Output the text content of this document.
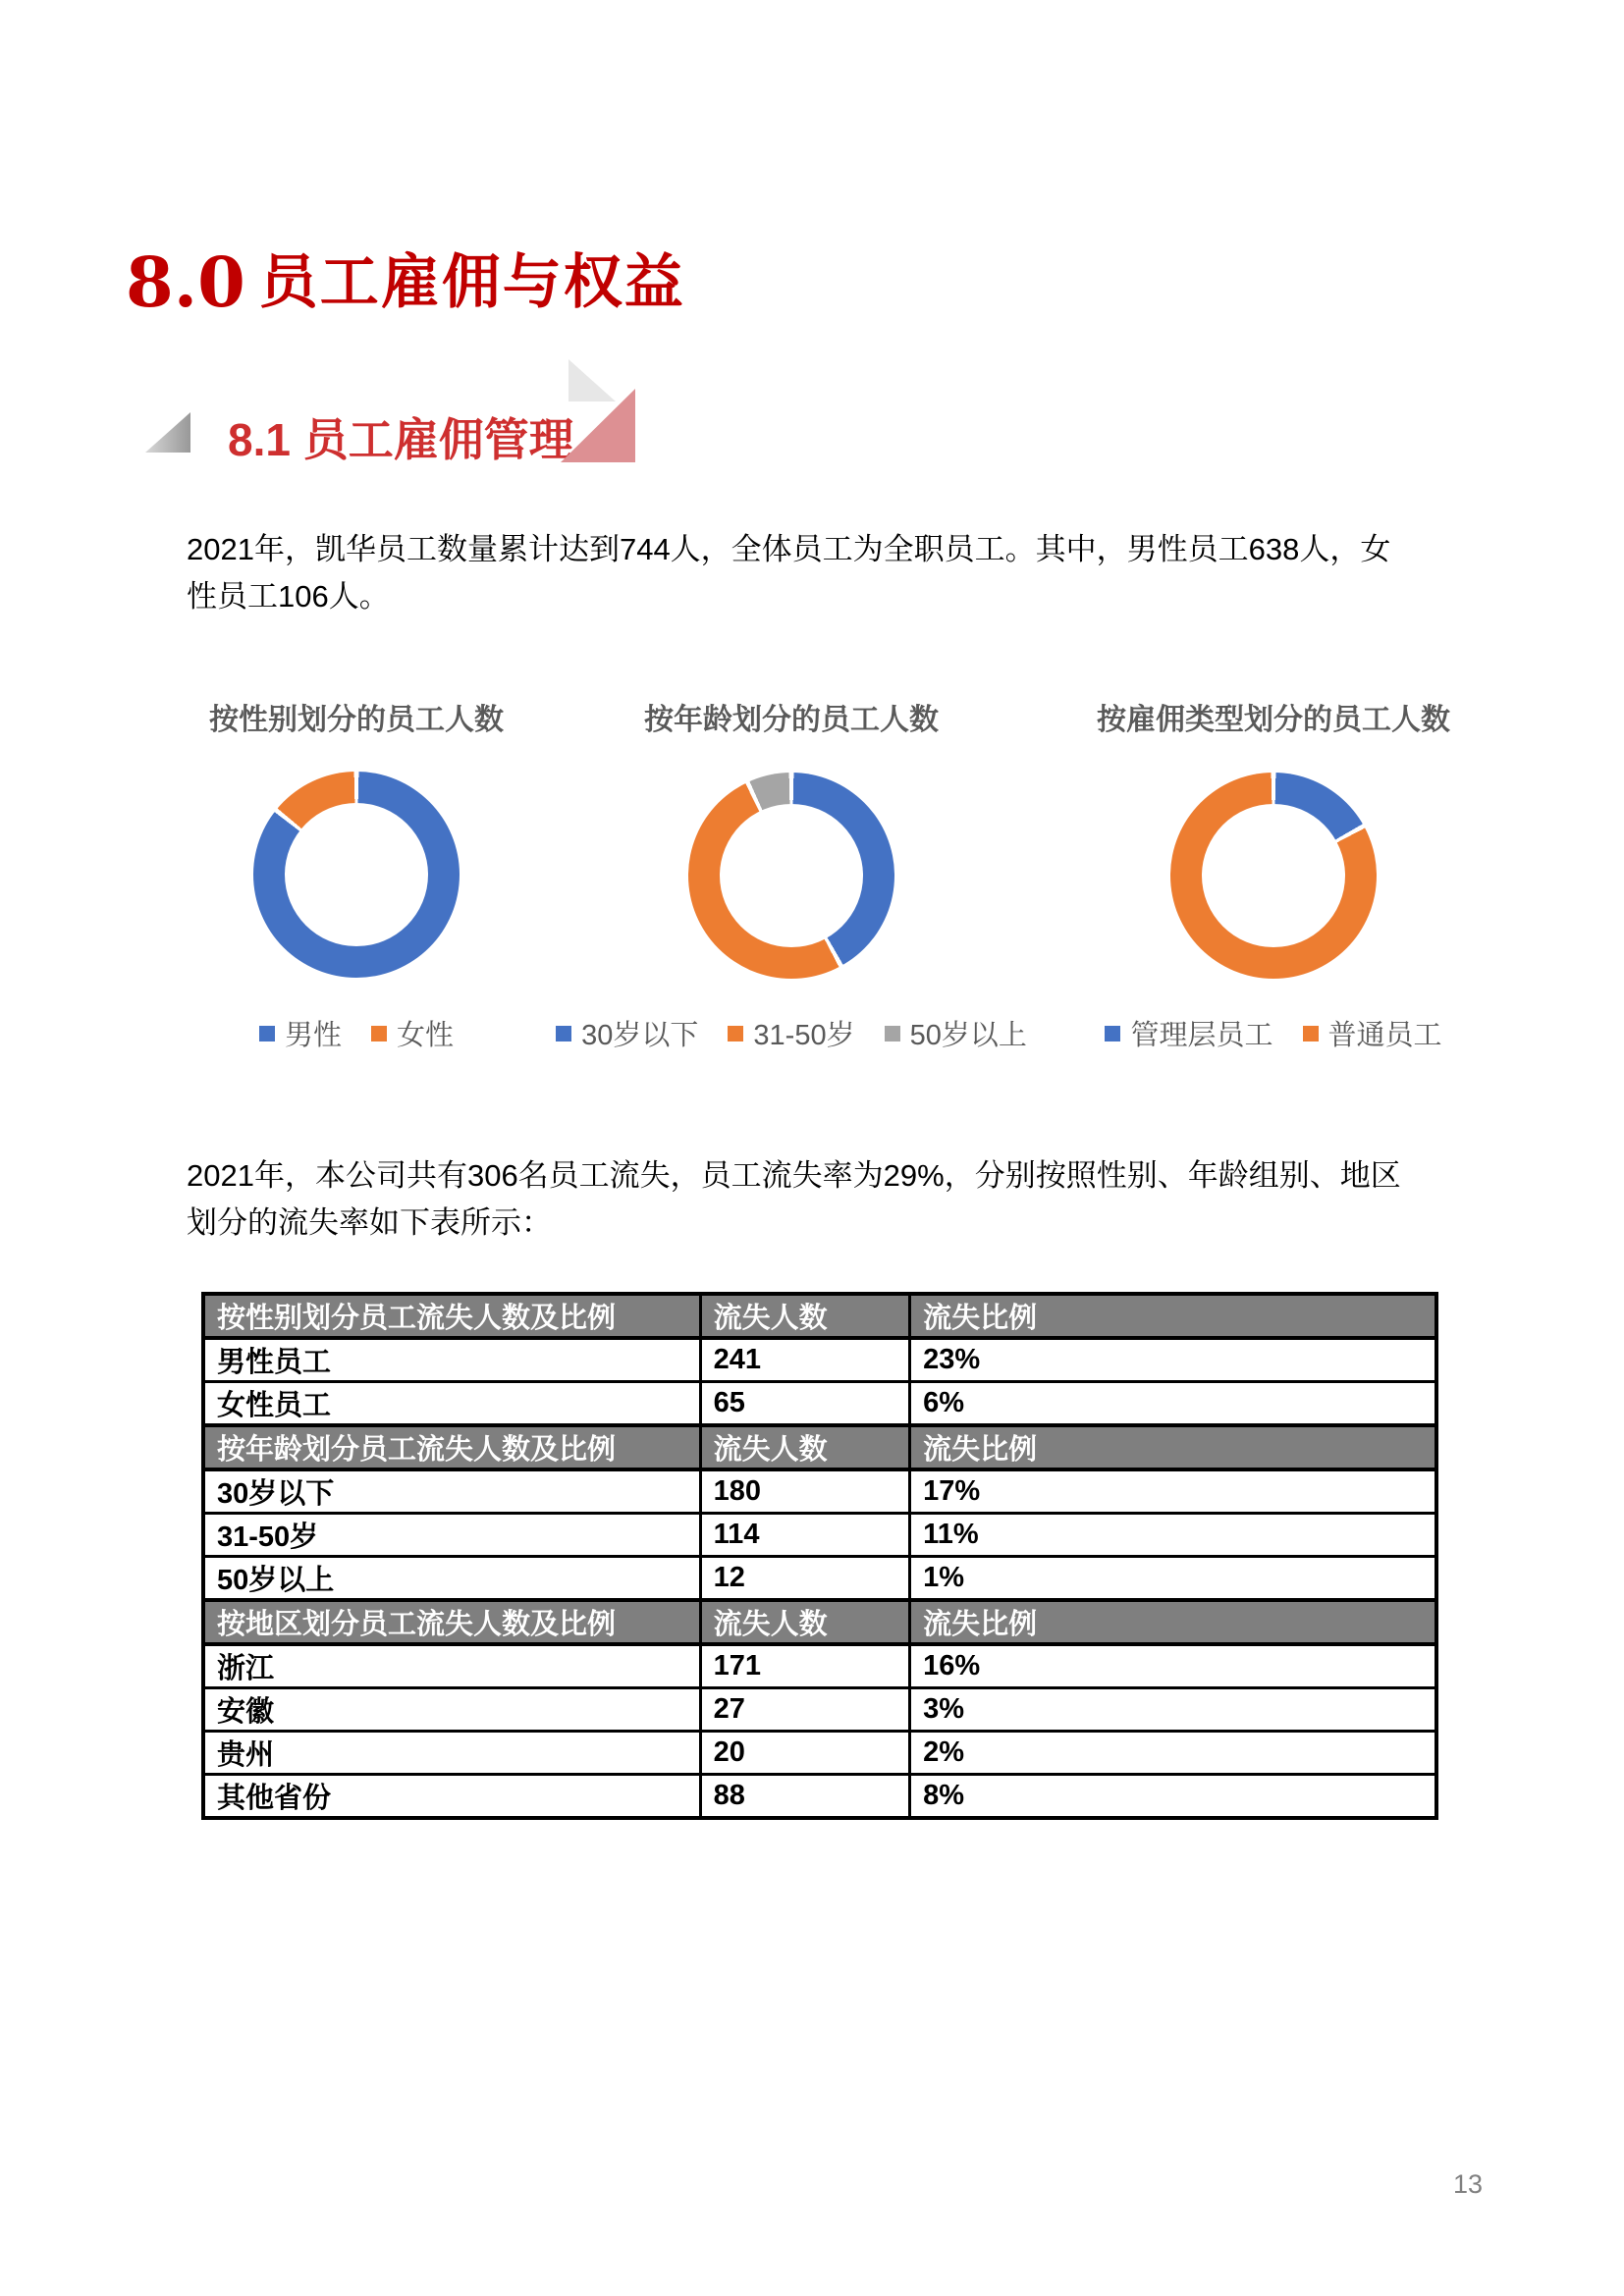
8.0 员工雇佣与权益
8.1 员工雇佣管理

2021年，凯华员工数量累计达到744人，全体员工为全职员工。其中，男性员工638人，女性员工106人。

按性别划分的员工人数	按年龄划分的员工人数	按雇佣类型划分的员工人数
男性 女性	30岁以下 31-50岁 50岁以上	管理层员工 普通员工

2021年，本公司共有306名员工流失，员工流失率为29%，分别按照性别、年龄组别、地区划分的流失率如下表所示：

按性别划分员工流失人数及比例	流失人数	流失比例
男性员工	241	23%
女性员工	65	6%
按年龄划分员工流失人数及比例	流失人数	流失比例
30岁以下	180	17%
31-50岁	114	11%
50岁以上	12	1%
按地区划分员工流失人数及比例	流失人数	流失比例
浙江	171	16%
安徽	27	3%
贵州	20	2%
其他省份	88	8%
13
